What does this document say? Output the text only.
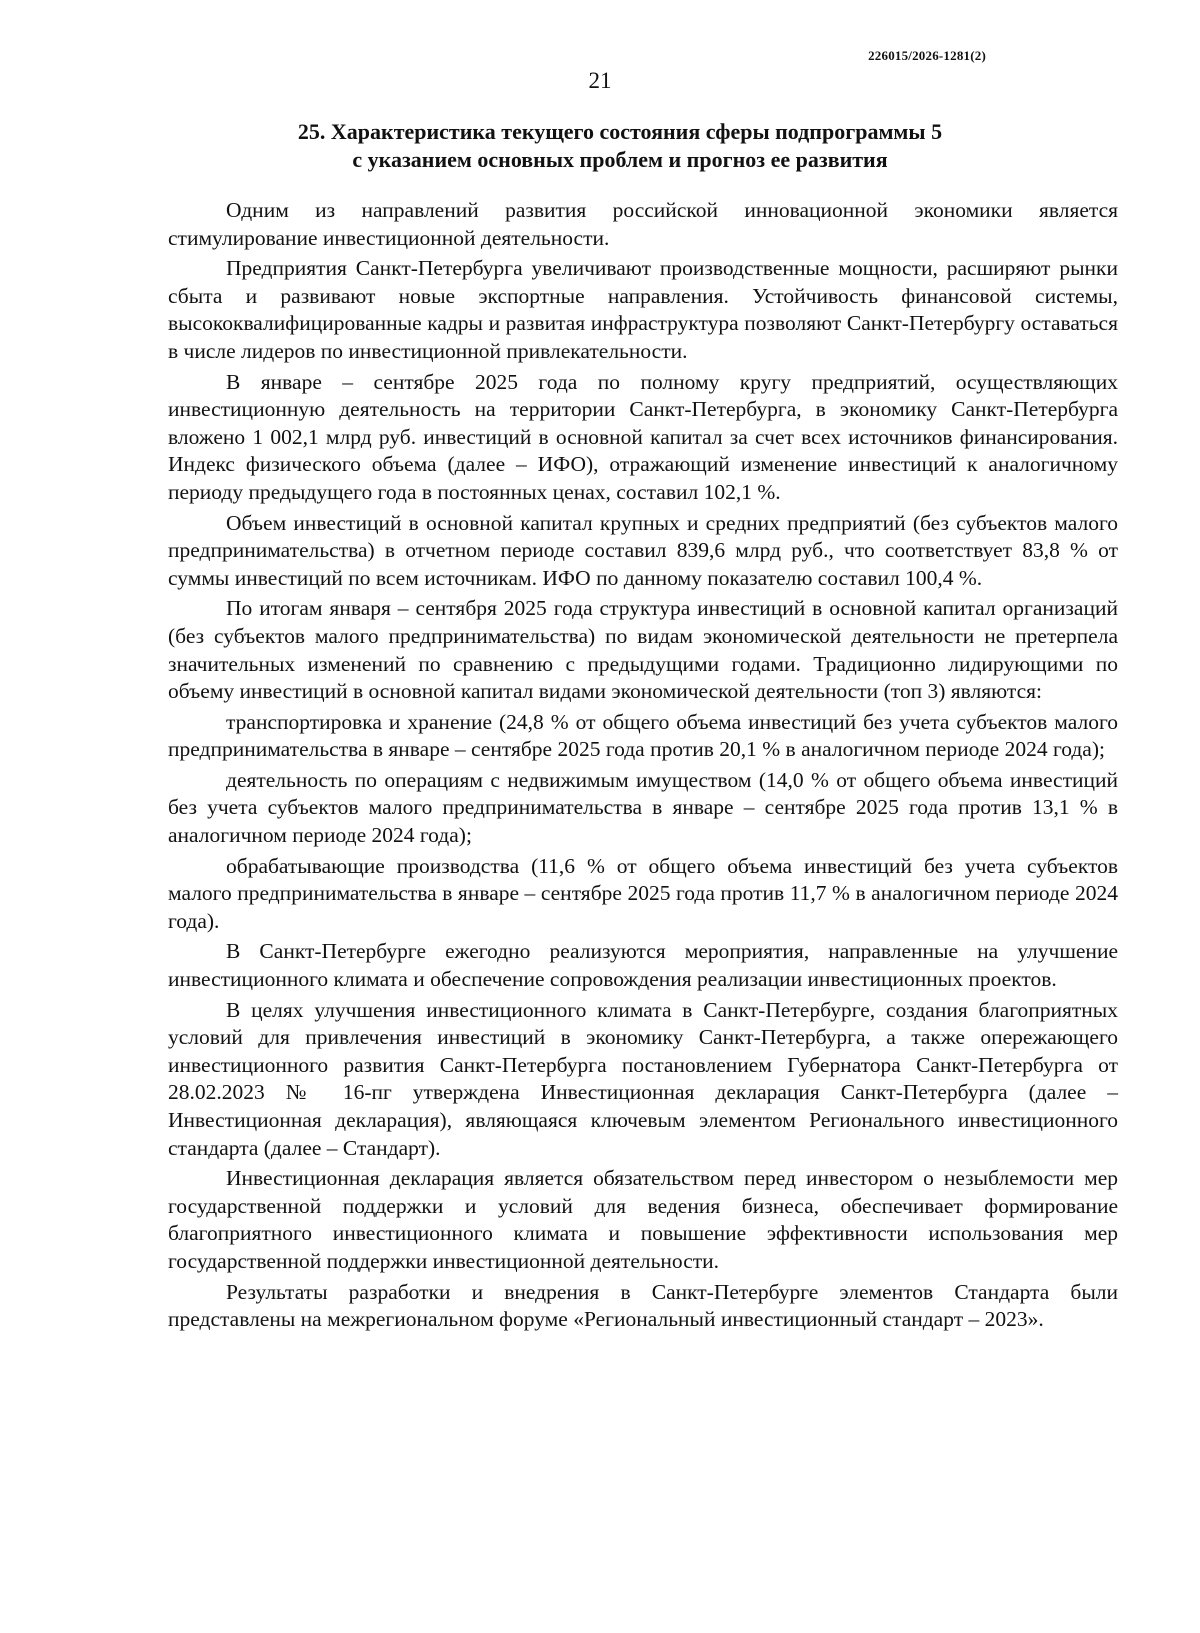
226015/2026-1281(2)
21
25. Характеристика текущего состояния сферы подпрограммы 5
с указанием основных проблем и прогноз ее развития

Одним из направлений развития российской инновационной экономики является стимулирование инвестиционной деятельности.

Предприятия Санкт-Петербурга увеличивают производственные мощности, расширяют рынки сбыта и развивают новые экспортные направления. Устойчивость финансовой системы, высококвалифицированные кадры и развитая инфраструктура позволяют Санкт-Петербургу оставаться в числе лидеров по инвестиционной привлекательности.

В январе – сентябре 2025 года по полному кругу предприятий, осуществляющих инвестиционную деятельность на территории Санкт-Петербурга, в экономику Санкт-Петербурга вложено 1 002,1 млрд руб. инвестиций в основной капитал за счет всех источников финансирования. Индекс физического объема (далее – ИФО), отражающий изменение инвестиций к аналогичному периоду предыдущего года в постоянных ценах, составил 102,1 %.

Объем инвестиций в основной капитал крупных и средних предприятий (без субъектов малого предпринимательства) в отчетном периоде составил 839,6 млрд руб., что соответствует 83,8 % от суммы инвестиций по всем источникам. ИФО по данному показателю составил 100,4 %.

По итогам января – сентября 2025 года структура инвестиций в основной капитал организаций (без субъектов малого предпринимательства) по видам экономической деятельности не претерпела значительных изменений по сравнению с предыдущими годами. Традиционно лидирующими по объему инвестиций в основной капитал видами экономической деятельности (топ 3) являются:

транспортировка и хранение (24,8 % от общего объема инвестиций без учета субъектов малого предпринимательства в январе – сентябре 2025 года против 20,1 % в аналогичном периоде 2024 года);

деятельность по операциям с недвижимым имуществом (14,0 % от общего объема инвестиций без учета субъектов малого предпринимательства в январе – сентябре 2025 года против 13,1 % в аналогичном периоде 2024 года);

обрабатывающие производства (11,6 % от общего объема инвестиций без учета субъектов малого предпринимательства в январе – сентябре 2025 года против 11,7 % в аналогичном периоде 2024 года).

В Санкт-Петербурге ежегодно реализуются мероприятия, направленные на улучшение инвестиционного климата и обеспечение сопровождения реализации инвестиционных проектов.

В целях улучшения инвестиционного климата в Санкт-Петербурге, создания благоприятных условий для привлечения инвестиций в экономику Санкт-Петербурга, а также опережающего инвестиционного развития Санкт-Петербурга постановлением Губернатора Санкт-Петербурга от 28.02.2023 № 16-пг утверждена Инвестиционная декларация Санкт-Петербурга (далее – Инвестиционная декларация), являющаяся ключевым элементом Регионального инвестиционного стандарта (далее – Стандарт).

Инвестиционная декларация является обязательством перед инвестором о незыблемости мер государственной поддержки и условий для ведения бизнеса, обеспечивает формирование благоприятного инвестиционного климата и повышение эффективности использования мер государственной поддержки инвестиционной деятельности.

Результаты разработки и внедрения в Санкт-Петербурге элементов Стандарта были представлены на межрегиональном форуме «Региональный инвестиционный стандарт – 2023».
